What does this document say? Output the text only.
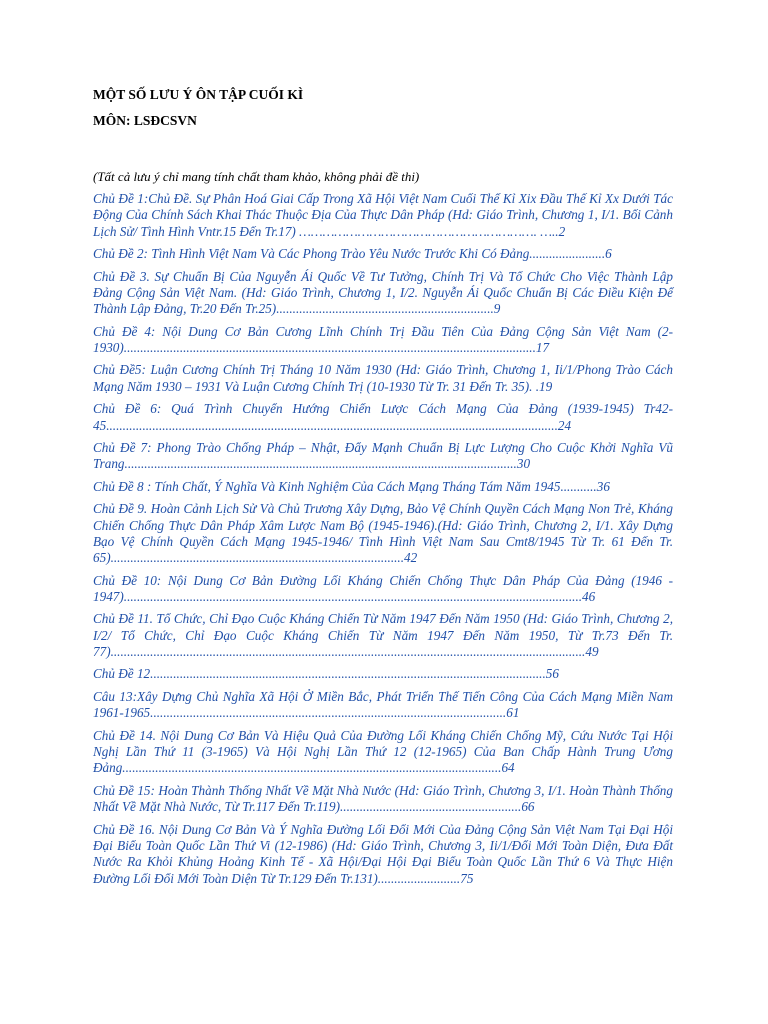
MỘT SỐ LƯU Ý ÔN TẬP CUỐI KÌ

MÔN: LSĐCSVN

(Tất cả lưu ý chỉ mang tính chất tham khảo, không phải đề thi)

Chủ Đề 1:Chủ Đề. Sự Phân Hoá Giai Cấp Trong Xã Hội Việt Nam Cuối Thế Kỉ Xix Đầu Thế Kỉ Xx Dưới Tác Động Của Chính Sách Khai Thác Thuộc Địa Của Thực Dân Pháp (Hd: Giáo Trình, Chương 1, I/1. Bối Cảnh Lịch Sử/ Tình Hình Vntr.15 Đến Tr.17) ……………………………………………………. …..2
Chủ Đề 2: Tình Hình Việt Nam Và Các Phong Trào Yêu Nước Trước Khi Có Đảng.......................6
Chủ Đề 3. Sự Chuẩn Bị Của Nguyễn Ái Quốc Về Tư Tưởng, Chính Trị Và Tổ Chức Cho Việc Thành Lập Đảng Cộng Sản Việt Nam. (Hd: Giáo Trình, Chương 1, I/2. Nguyễn Ái Quốc Chuẩn Bị Các Điều Kiện Để Thành Lập Đảng, Tr.20 Đến Tr.25)..................................................................9
Chủ Đề 4: Nội Dung Cơ Bản Cương Lĩnh Chính Trị Đầu Tiên Của Đảng Cộng Sản Việt Nam (2-1930).............................................................................................................................17
Chủ Đề5: Luận Cương Chính Trị Tháng 10 Năm 1930 (Hd: Giáo Trình, Chương 1, Ii/1/Phong Trào Cách Mạng Năm 1930 – 1931 Và Luận Cương Chính Trị (10-1930 Từ Tr. 31 Đến Tr. 35). .19
Chủ Đề 6: Quá Trình Chuyển Hướng Chiến Lược Cách Mạng Của Đảng (1939-1945) Tr42-45.........................................................................................................................................24
Chủ Đề 7: Phong Trào Chống Pháp – Nhật, Đẩy Mạnh Chuẩn Bị Lực Lượng Cho Cuộc Khởi Nghĩa Vũ Trang.......................................................................................................................30
Chủ Đề 8 : Tính Chất, Ý Nghĩa Và Kinh Nghiệm Của Cách Mạng Tháng Tám Năm 1945...........36
Chủ Đề 9. Hoàn Cảnh Lịch Sử Và Chủ Trương Xây Dựng, Bảo Vệ Chính Quyền Cách Mạng Non Trẻ, Kháng Chiến Chống Thực Dân Pháp Xâm Lược Nam Bộ (1945-1946).(Hd: Giáo Trình, Chương 2, I/1. Xây Dựng Bạo Vệ Chính Quyền Cách Mạng 1945-1946/ Tình Hình Việt Nam Sau Cmt8/1945 Từ Tr. 61 Đến Tr. 65).........................................................................................42
Chủ Đề 10: Nội Dung Cơ Bản Đường Lối Kháng Chiến Chống Thực Dân Pháp Của Đảng (1946 - 1947)...........................................................................................................................................46
Chủ Đề 11. Tổ Chức, Chỉ Đạo Cuộc Kháng Chiến Từ Năm 1947 Đến Năm 1950 (Hd: Giáo Trình, Chương 2, I/2/ Tổ Chức, Chỉ Đạo Cuộc Kháng Chiến Từ Năm 1947 Đến Năm 1950, Từ Tr.73 Đến Tr. 77)................................................................................................................................................49
Chủ Đề 12........................................................................................................................56
Câu 13:Xây Dựng Chủ Nghĩa Xã Hội Ở Miền Bắc, Phát Triển Thế Tiến Công Của Cách Mạng Miền Nam 1961-1965............................................................................................................61
Chủ Đề 14. Nội Dung Cơ Bản Và Hiệu Quả Của Đường Lối Kháng Chiến Chống Mỹ, Cứu Nước Tại Hội Nghị Lần Thứ 11 (3-1965) Và Hội Nghị Lần Thứ 12 (12-1965) Của Ban Chấp Hành Trung Ương Đảng...................................................................................................................64
Chủ Đề 15: Hoàn Thành Thống Nhất Về Mặt Nhà Nước (Hd: Giáo Trình, Chương 3, I/1. Hoàn Thành Thống Nhất Về Mặt Nhà Nước, Từ Tr.117 Đến Tr.119).......................................................66
Chủ Đề 16. Nội Dung Cơ Bản Và Ý Nghĩa Đường Lối Đổi Mới Của Đảng Cộng Sản Việt Nam Tại Đại Hội Đại Biểu Toàn Quốc Lần Thứ Vi (12-1986) (Hd: Giáo Trình, Chương 3, Ii/1/Đổi Mới Toàn Diện, Đưa Đất Nước Ra Khỏi Khủng Hoảng Kinh Tế - Xã Hội/Đại Hội Đại Biểu Toàn Quốc Lần Thứ 6 Và Thực Hiện Đường Lối Đổi Mới Toàn Diện Từ Tr.129 Đến Tr.131).........................75
